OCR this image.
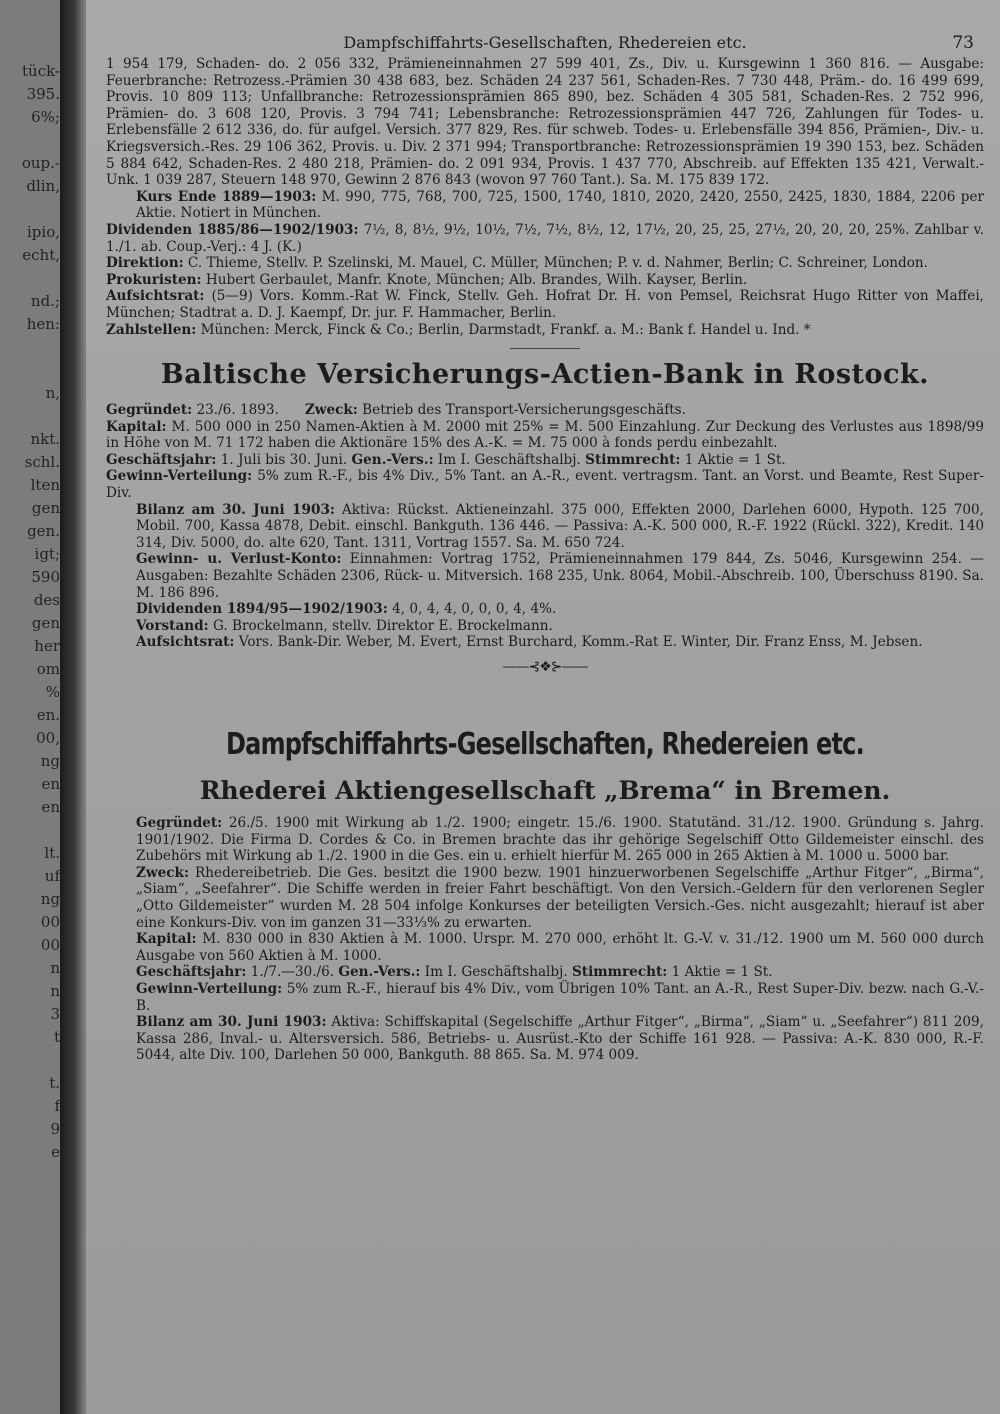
tück-
395.
6%;

oup.-
dlin,

ipio,
echt,

nd.;
hen:

n,

nkt.
schl.
lten
gen
gen.
igt;
590
des
gen
her
om
%
en.
00,
ng
en
en

lt.
uf
ng
00
00
n
n
3
t

t.
f
9
e
Dampfschiffahrts-Gesellschaften, Rhedereien etc.	73

1 954 179, Schaden- do. 2 056 332, Prämieneinnahmen 27 599 401, Zs., Div. u. Kursgewinn 1 360 816. — Ausgabe: Feuerbranche: Retrozess.-Prämien 30 438 683, bez. Schäden 24 237 561, Schaden-Res. 7 730 448, Präm.- do. 16 499 699, Provis. 10 809 113; Unfallbranche: Retrozessionsprämien 865 890, bez. Schäden 4 305 581, Schaden-Res. 2 752 996, Prämien- do. 3 608 120, Provis. 3 794 741; Lebensbranche: Retrozessionsprämien 447 726, Zahlungen für Todes- u. Erlebensfälle 2 612 336, do. für aufgel. Versich. 377 829, Res. für schweb. Todes- u. Erlebensfälle 394 856, Prämien-, Div.- u. Kriegsversich.-Res. 29 106 362, Provis. u. Div. 2 371 994; Transportbranche: Retrozessionsprämien 19 390 153, bez. Schäden 5 884 642, Schaden-Res. 2 480 218, Prämien- do. 2 091 934, Provis. 1 437 770, Abschreib. auf Effekten 135 421, Verwalt.-Unk. 1 039 287, Steuern 148 970, Gewinn 2 876 843 (wovon 97 760 Tant.). Sa. M. 175 839 172.

Kurs Ende 1889—1903: M. 990, 775, 768, 700, 725, 1500, 1740, 1810, 2020, 2420, 2550, 2425, 1830, 1884, 2206 per Aktie. Notiert in München.

Dividenden 1885/86—1902/1903: 7½, 8, 8½, 9½, 10½, 7½, 7½, 8½, 12, 17½, 20, 25, 25, 27½, 20, 20, 20, 25%. Zahlbar v. 1./1. ab. Coup.-Verj.: 4 J. (K.)

Direktion: C. Thieme, Stellv. P. Szelinski, M. Mauel, C. Müller, München; P. v. d. Nahmer, Berlin; C. Schreiner, London.

Prokuristen: Hubert Gerbaulet, Manfr. Knote, München; Alb. Brandes, Wilh. Kayser, Berlin.

Aufsichtsrat: (5—9) Vors. Komm.-Rat W. Finck, Stellv. Geh. Hofrat Dr. H. von Pemsel, Reichsrat Hugo Ritter von Maffei, München; Stadtrat a. D. J. Kaempf, Dr. jur. F. Hammacher, Berlin.

Zahlstellen: München: Merck, Finck & Co.; Berlin, Darmstadt, Frankf. a. M.: Bank f. Handel u. Ind. *

Baltische Versicherungs-Actien-Bank in Rostock.

Gegründet: 23./6. 1893. Zweck: Betrieb des Transport-Versicherungsgeschäfts.

Kapital: M. 500 000 in 250 Namen-Aktien à M. 2000 mit 25% = M. 500 Einzahlung. Zur Deckung des Verlustes aus 1898/99 in Höhe von M. 71 172 haben die Aktionäre 15% des A.-K. = M. 75 000 à fonds perdu einbezahlt.

Geschäftsjahr: 1. Juli bis 30. Juni. Gen.-Vers.: Im I. Geschäftshalbj. Stimmrecht: 1 Aktie = 1 St.

Gewinn-Verteilung: 5% zum R.-F., bis 4% Div., 5% Tant. an A.-R., event. vertragsm. Tant. an Vorst. und Beamte, Rest Super-Div.

Bilanz am 30. Juni 1903: Aktiva: Rückst. Aktieneinzahl. 375 000, Effekten 2000, Darlehen 6000, Hypoth. 125 700, Mobil. 700, Kassa 4878, Debit. einschl. Bankguth. 136 446. — Passiva: A.-K. 500 000, R.-F. 1922 (Rückl. 322), Kredit. 140 314, Div. 5000, do. alte 620, Tant. 1311, Vortrag 1557. Sa. M. 650 724.

Gewinn- u. Verlust-Konto: Einnahmen: Vortrag 1752, Prämieneinnahmen 179 844, Zs. 5046, Kursgewinn 254. — Ausgaben: Bezahlte Schäden 2306, Rück- u. Mitversich. 168 235, Unk. 8064, Mobil.-Abschreib. 100, Überschuss 8190. Sa. M. 186 896.

Dividenden 1894/95—1902/1903: 4, 0, 4, 4, 0, 0, 0, 4, 4%.

Vorstand: G. Brockelmann, stellv. Direktor E. Brockelmann.

Aufsichtsrat: Vors. Bank-Dir. Weber, M. Evert, Ernst Burchard, Komm.-Rat E. Winter, Dir. Franz Enss, M. Jebsen.

——⊰❖⊱——
Dampfschiffahrts-Gesellschaften, Rhedereien etc.
Rhederei Aktiengesellschaft „Brema“ in Bremen.

Gegründet: 26./5. 1900 mit Wirkung ab 1./2. 1900; eingetr. 15./6. 1900. Statutänd. 31./12. 1900. Gründung s. Jahrg. 1901/1902. Die Firma D. Cordes & Co. in Bremen brachte das ihr gehörige Segelschiff Otto Gildemeister einschl. des Zubehörs mit Wirkung ab 1./2. 1900 in die Ges. ein u. erhielt hierfür M. 265 000 in 265 Aktien à M. 1000 u. 5000 bar.

Zweck: Rhedereibetrieb. Die Ges. besitzt die 1900 bezw. 1901 hinzuerworbenen Segelschiffe „Arthur Fitger“, „Birma“, „Siam“, „Seefahrer“. Die Schiffe werden in freier Fahrt beschäftigt. Von den Versich.-Geldern für den verlorenen Segler „Otto Gildemeister“ wurden M. 28 504 infolge Konkurses der beteiligten Versich.-Ges. nicht ausgezahlt; hierauf ist aber eine Konkurs-Div. von im ganzen 31—33⅓% zu erwarten.

Kapital: M. 830 000 in 830 Aktien à M. 1000. Urspr. M. 270 000, erhöht lt. G.-V. v. 31./12. 1900 um M. 560 000 durch Ausgabe von 560 Aktien à M. 1000.

Geschäftsjahr: 1./7.—30./6. Gen.-Vers.: Im I. Geschäftshalbj. Stimmrecht: 1 Aktie = 1 St.

Gewinn-Verteilung: 5% zum R.-F., hierauf bis 4% Div., vom Übrigen 10% Tant. an A.-R., Rest Super-Div. bezw. nach G.-V.-B.

Bilanz am 30. Juni 1903: Aktiva: Schiffskapital (Segelschiffe „Arthur Fitger“, „Birma“, „Siam“ u. „Seefahrer“) 811 209, Kassa 286, Inval.- u. Altersversich. 586, Betriebs- u. Ausrüst.-Kto der Schiffe 161 928. — Passiva: A.-K. 830 000, R.-F. 5044, alte Div. 100, Darlehen 50 000, Bankguth. 88 865. Sa. M. 974 009.
